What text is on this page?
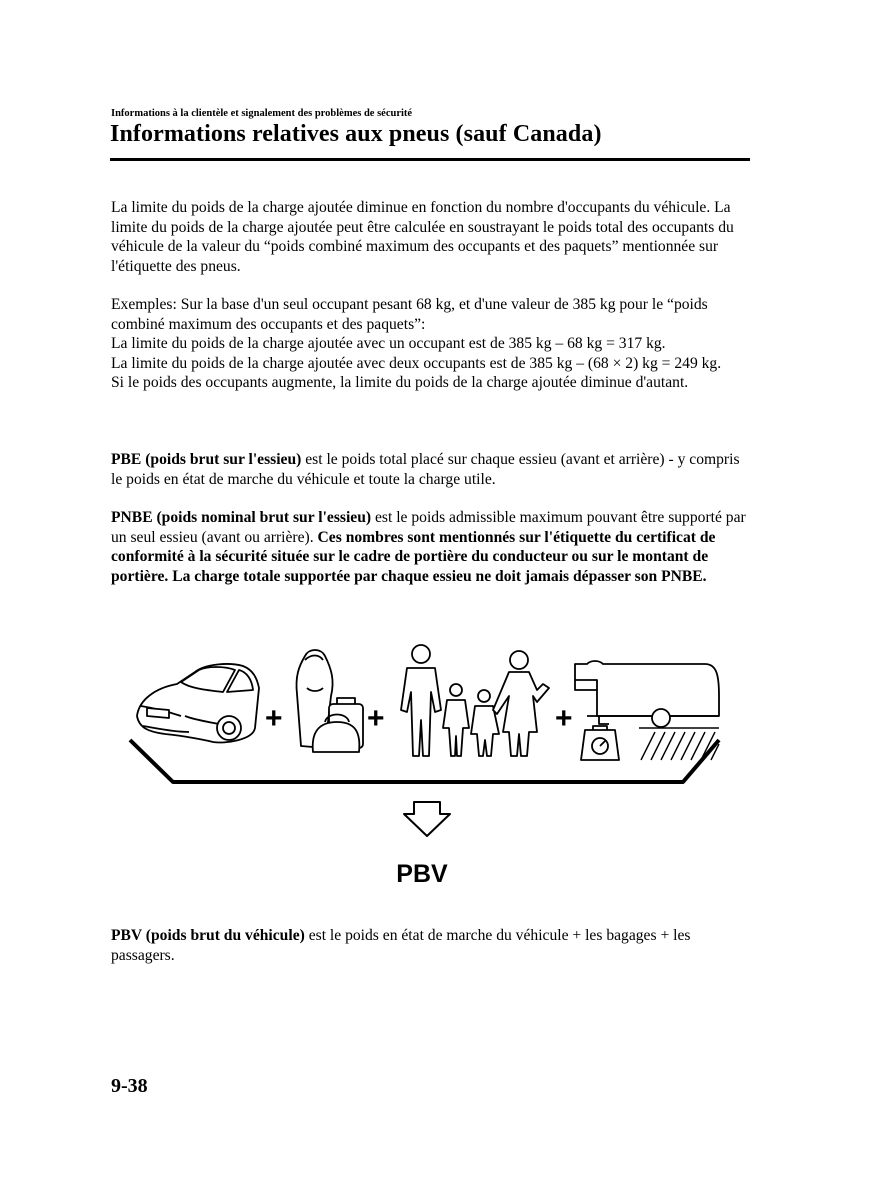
Informations à la clientèle et signalement des problèmes de sécurité
Informations relatives aux pneus (sauf Canada)

La limite du poids de la charge ajoutée diminue en fonction du nombre d'occupants du véhicule. La limite du poids de la charge ajoutée peut être calculée en soustrayant le poids total des occupants du véhicule de la valeur du “poids combiné maximum des occupants et des paquets” mentionnée sur l'étiquette des pneus.

Exemples: Sur la base d'un seul occupant pesant 68 kg, et d'une valeur de 385 kg pour le “poids combiné maximum des occupants et des paquets”:
La limite du poids de la charge ajoutée avec un occupant est de 385 kg – 68 kg = 317 kg.
La limite du poids de la charge ajoutée avec deux occupants est de 385 kg – (68 × 2) kg = 249 kg.
Si le poids des occupants augmente, la limite du poids de la charge ajoutée diminue d'autant.

PBE (poids brut sur l'essieu) est le poids total placé sur chaque essieu (avant et arrière) - y compris le poids en état de marche du véhicule et toute la charge utile.

PNBE (poids nominal brut sur l'essieu) est le poids admissible maximum pouvant être supporté par un seul essieu (avant ou arrière). Ces nombres sont mentionnés sur l'étiquette du certificat de conformité à la sécurité située sur le cadre de portière du conducteur ou sur le montant de portière. La charge totale supportée par chaque essieu ne doit jamais dépasser son PNBE.

+	+	+
PBV

PBV (poids brut du véhicule) est le poids en état de marche du véhicule + les bagages + les passagers.

9-38
